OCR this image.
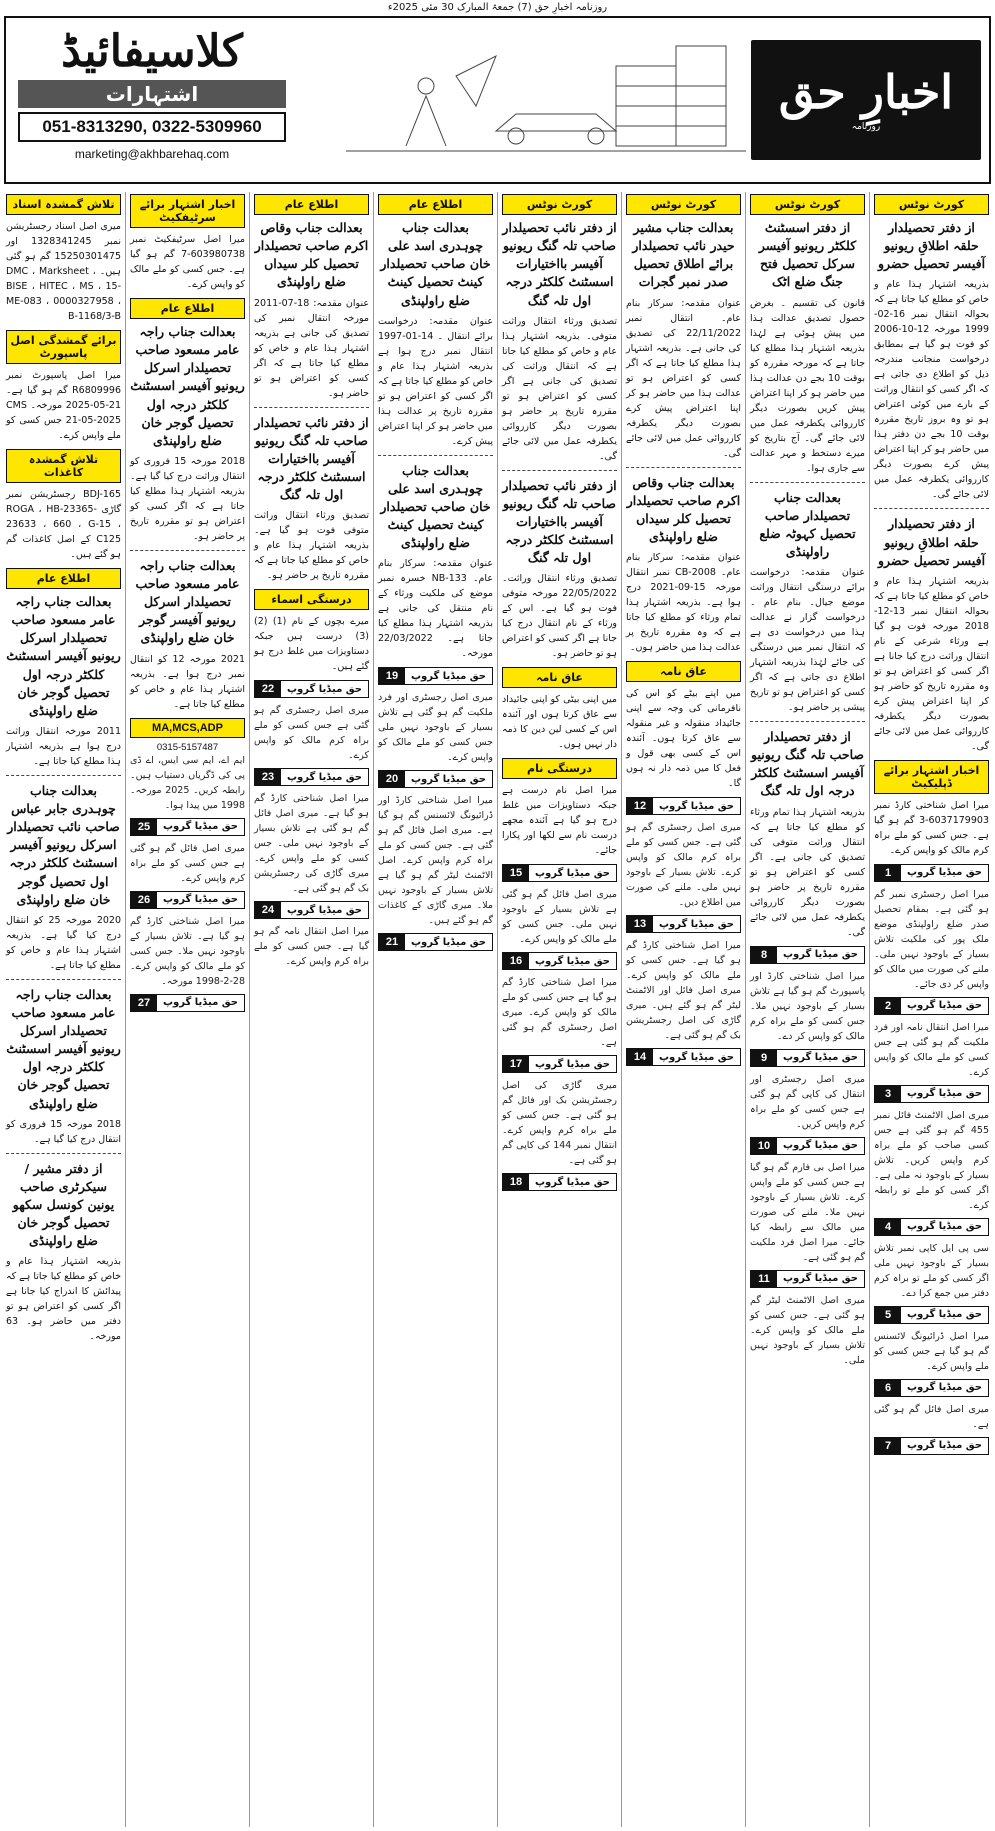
روزنامہ اخبارِ حق (7) جمعۃ المبارک 30 مئی 2025ء
کلاسیفائیڈ
اشتہارات
051-8313290, 0322-5309960
marketing@akhbarehaq.com
اخبارِ حق
روزنامہ
کورٹ نوٹس
از دفتر تحصیلدار حلقہ اطلاقِ ریونیو آفیسر تحصیل حضرو
بذریعہ اشتہار ہذا عام و خاص کو مطلع کیا جاتا ہے کہ بحوالہ انتقال نمبر 16-02-1999 مورخہ 12-10-2006 کو فوت ہو گیا ہے بمطابق درخواست منجانب مندرجہ ذیل کو اطلاع دی جاتی ہے کہ اگر کسی کو انتقال وراثت کے بارے میں کوئی اعتراض ہو تو وہ بروز تاریخ مقررہ بوقت 10 بجے دن دفتر ہذا میں حاضر ہو کر اپنا اعتراض پیش کرے بصورت دیگر کارروائی یکطرفہ عمل میں لائی جائے گی۔
از دفتر تحصیلدار حلقہ اطلاقِ ریونیو آفیسر تحصیل حضرو
بذریعہ اشتہار ہذا عام و خاص کو مطلع کیا جاتا ہے کہ بحوالہ انتقال نمبر 13-12-2018 مورخہ فوت ہو گیا ہے ورثاء شرعی کے نام انتقال وراثت درج کیا جانا ہے اگر کسی کو اعتراض ہو تو وہ مقررہ تاریخ کو حاضر ہو کر اپنا اعتراض پیش کرے بصورت دیگر یکطرفہ کارروائی عمل میں لائی جائے گی۔
اخبار اشتہار برائے ڈپلیکیٹ
میرا اصل شناختی کارڈ نمبر 6037179903-3 گم ہو گیا ہے۔ جس کسی کو ملے براہ کرم مالک کو واپس کرے۔
1	حق میڈیا گروپ
میرا اصل رجسٹری نمبر گم ہو گئی ہے۔ بمقام تحصیل صدر ضلع راولپنڈی موضع ملک پور کی ملکیت تلاش بسیار کے باوجود نہیں ملی۔ ملنے کی صورت میں مالک کو واپس کر دی جائے۔
2	حق میڈیا گروپ
میرا اصل انتقال نامہ اور فرد ملکیت گم ہو گئی ہے جس کسی کو ملے مالک کو واپس کرے۔
3	حق میڈیا گروپ
میری اصل الاٹمنٹ فائل نمبر 455 گم ہو گئی ہے جس کسی صاحب کو ملے براہ کرم واپس کریں۔ تلاش بسیار کے باوجود نہ ملی ہے۔ اگر کسی کو ملے تو رابطہ کرے۔
4	حق میڈیا گروپ
سی پی ایل کاپی نمبر تلاش بسیار کے باوجود نہیں ملی اگر کسی کو ملے تو براہ کرم دفتر میں جمع کرا دے۔
5	حق میڈیا گروپ
میرا اصل ڈرائیونگ لائسنس گم ہو گیا ہے جس کسی کو ملے واپس کرے۔
6	حق میڈیا گروپ
میری اصل فائل گم ہو گئی ہے۔
7	حق میڈیا گروپ
کورٹ نوٹس
از دفتر اسسٹنٹ کلکٹر ریونیو آفیسر سرکل تحصیل فتح جنگ ضلع اٹک
قانون کی تقسیم ۔ بغرض حصول تصدیق عدالت ہذا میں پیش ہوئی ہے لہٰذا بذریعہ اشتہار ہذا مطلع کیا جاتا ہے کہ مورخہ مقررہ کو بوقت 10 بجے دن عدالت ہذا میں حاضر ہو کر اپنا اعتراض پیش کریں بصورت دیگر کارروائی یکطرفہ عمل میں لائی جائے گی۔ آج بتاریخ کو میرے دستخط و مہر عدالت سے جاری ہوا۔
بعدالت جناب تحصیلدار صاحب تحصیل کہوٹہ ضلع راولپنڈی
عنوان مقدمہ: درخواست برائے درستگی انتقال وراثت موضع جیال۔ بنام عام ۔ درخواست گزار نے عدالت ہذا میں درخواست دی ہے کہ انتقال نمبر میں درستگی کی جائے لہٰذا بذریعہ اشتہار اطلاع دی جاتی ہے کہ اگر کسی کو اعتراض ہو تو تاریخ پیشی پر حاضر ہو۔
از دفتر تحصیلدار صاحب تلہ گنگ ریونیو آفیسر اسسٹنٹ کلکٹر درجہ اول تلہ گنگ
بذریعہ اشتہار ہذا تمام ورثاء کو مطلع کیا جاتا ہے کہ انتقال وراثت متوفی کی تصدیق کی جانی ہے۔ اگر کسی کو اعتراض ہو تو مقررہ تاریخ پر حاضر ہو بصورت دیگر کارروائی یکطرفہ عمل میں لائی جائے گی۔
8	حق میڈیا گروپ
میرا اصل شناختی کارڈ اور پاسپورٹ گم ہو گیا ہے تلاش بسیار کے باوجود نہیں ملا۔ جس کسی کو ملے براہ کرم مالک کو واپس کر دے۔
9	حق میڈیا گروپ
میری اصل رجسٹری اور انتقال کی کاپی گم ہو گئی ہے جس کسی کو ملے براہ کرم واپس کریں۔
10	حق میڈیا گروپ
میرا اصل بی فارم گم ہو گیا ہے جس کسی کو ملے واپس کرے۔ تلاش بسیار کے باوجود نہیں ملا۔ ملنے کی صورت میں مالک سے رابطہ کیا جائے۔ میرا اصل فرد ملکیت گم ہو گئی ہے۔
11	حق میڈیا گروپ
میری اصل الاٹمنٹ لیٹر گم ہو گئی ہے۔ جس کسی کو ملے مالک کو واپس کرے۔ تلاش بسیار کے باوجود نہیں ملی۔
کورٹ نوٹس
بعدالت جناب مشیر حیدر نائب تحصیلدار برائے اطلاق تحصیل صدر نمبر گجرات
عنوان مقدمہ: سرکار بنام عام۔ انتقال نمبر 22/11/2022 کی تصدیق کی جانی ہے۔ بذریعہ اشتہار ہذا مطلع کیا جاتا ہے کہ اگر کسی کو اعتراض ہو تو عدالت ہذا میں حاضر ہو کر اپنا اعتراض پیش کرے بصورت دیگر یکطرفہ کارروائی عمل میں لائی جائے گی۔
بعدالت جناب وقاص اکرم صاحب تحصیلدار تحصیل کلر سیداں ضلع راولپنڈی
عنوان مقدمہ: سرکار بنام عام۔ CB-2008 نمبر انتقال مورخہ 15-09-2021 درج ہوا ہے۔ بذریعہ اشتہار ہذا تمام ورثاء کو مطلع کیا جاتا ہے کہ وہ مقررہ تاریخ پر عدالت ہذا میں حاضر ہوں۔
عاق نامہ
میں اپنے بیٹے کو اس کی نافرمانی کی وجہ سے اپنی جائیداد منقولہ و غیر منقولہ سے عاق کرتا ہوں۔ آئندہ اس کے کسی بھی قول و فعل کا میں ذمہ دار نہ ہوں گا۔
12	حق میڈیا گروپ
میری اصل رجسٹری گم ہو گئی ہے۔ جس کسی کو ملے براہ کرم مالک کو واپس کرے۔ تلاش بسیار کے باوجود نہیں ملی۔ ملنے کی صورت میں اطلاع دیں۔
13	حق میڈیا گروپ
میرا اصل شناختی کارڈ گم ہو گیا ہے۔ جس کسی کو ملے مالک کو واپس کرے۔ میری اصل فائل اور الاٹمنٹ لیٹر گم ہو گئے ہیں۔ میری گاڑی کی اصل رجسٹریشن بک گم ہو گئی ہے۔
14	حق میڈیا گروپ
کورٹ نوٹس
از دفتر نائب تحصیلدار صاحب تلہ گنگ ریونیو آفیسر بااختیارات اسسٹنٹ کلکٹر درجہ اول تلہ گنگ
تصدیق ورثاء انتقال وراثت متوفی۔ بذریعہ اشتہار ہذا عام و خاص کو مطلع کیا جاتا ہے کہ انتقال وراثت کی تصدیق کی جانی ہے اگر کسی کو اعتراض ہو تو مقررہ تاریخ پر حاضر ہو بصورت دیگر کارروائی یکطرفہ عمل میں لائی جائے گی۔
از دفتر نائب تحصیلدار صاحب تلہ گنگ ریونیو آفیسر بااختیارات اسسٹنٹ کلکٹر درجہ اول تلہ گنگ
تصدیق ورثاء انتقال وراثت۔ 22/05/2022 مورخہ متوفی فوت ہو گیا ہے۔ اس کے ورثاء کے نام انتقال درج کیا جانا ہے اگر کسی کو اعتراض ہو تو حاضر ہو۔
عاق نامہ
میں اپنی بیٹی کو اپنی جائیداد سے عاق کرتا ہوں اور آئندہ اس کے کسی لین دین کا ذمہ دار نہیں ہوں۔
درستگی نام
میرا اصل نام درست ہے جبکہ دستاویزات میں غلط درج ہو گیا ہے آئندہ مجھے درست نام سے لکھا اور پکارا جائے۔
15	حق میڈیا گروپ
میری اصل فائل گم ہو گئی ہے تلاش بسیار کے باوجود نہیں ملی۔ جس کسی کو ملے مالک کو واپس کرے۔
16	حق میڈیا گروپ
میرا اصل شناختی کارڈ گم ہو گیا ہے جس کسی کو ملے مالک کو واپس کرے۔ میری اصل رجسٹری گم ہو گئی ہے۔
17	حق میڈیا گروپ
میری گاڑی کی اصل رجسٹریشن بک اور فائل گم ہو گئی ہے۔ جس کسی کو ملے براہ کرم واپس کرے۔ انتقال نمبر 144 کی کاپی گم ہو گئی ہے۔
18	حق میڈیا گروپ
اطلاع عام
بعدالت جناب چوہدری اسد علی خان صاحب تحصیلدار کینٹ تحصیل کینٹ ضلع راولپنڈی
عنوان مقدمہ: درخواست برائے انتقال ۔ 14-01-1997 انتقال نمبر درج ہوا ہے بذریعہ اشتہار ہذا عام و خاص کو مطلع کیا جاتا ہے کہ اگر کسی کو اعتراض ہو تو مقررہ تاریخ پر عدالت ہذا میں حاضر ہو کر اپنا اعتراض پیش کرے۔
بعدالت جناب چوہدری اسد علی خان صاحب تحصیلدار کینٹ تحصیل کینٹ ضلع راولپنڈی
عنوان مقدمہ: سرکار بنام عام۔ NB-133 خسرہ نمبر موضع کی ملکیت ورثاء کے نام منتقل کی جانی ہے بذریعہ اشتہار ہذا مطلع کیا جاتا ہے۔ 22/03/2022 مورخہ۔
19	حق میڈیا گروپ
میری اصل رجسٹری اور فرد ملکیت گم ہو گئی ہے تلاش بسیار کے باوجود نہیں ملی جس کسی کو ملے مالک کو واپس کرے۔
20	حق میڈیا گروپ
میرا اصل شناختی کارڈ اور ڈرائیونگ لائسنس گم ہو گیا ہے۔ میری اصل فائل گم ہو گئی ہے۔ جس کسی کو ملے براہ کرم واپس کرے۔ اصل الاٹمنٹ لیٹر گم ہو گیا ہے تلاش بسیار کے باوجود نہیں ملا۔ میری گاڑی کے کاغذات گم ہو گئے ہیں۔
21	حق میڈیا گروپ
اطلاع عام
بعدالت جناب وقاص اکرم صاحب تحصیلدار تحصیل کلر سیداں ضلع راولپنڈی
عنوان مقدمہ: 18-07-2011 مورخہ انتقال نمبر کی تصدیق کی جانی ہے بذریعہ اشتہار ہذا عام و خاص کو مطلع کیا جاتا ہے کہ اگر کسی کو اعتراض ہو تو حاضر ہو۔
از دفتر نائب تحصیلدار صاحب تلہ گنگ ریونیو آفیسر بااختیارات اسسٹنٹ کلکٹر درجہ اول تلہ گنگ
تصدیق ورثاء انتقال وراثت متوفی فوت ہو گیا ہے۔ بذریعہ اشتہار ہذا عام و خاص کو مطلع کیا جاتا ہے کہ مقررہ تاریخ پر حاضر ہو۔
درستگی اسماء
میرے بچوں کے نام (1) (2) (3) درست ہیں جبکہ دستاویزات میں غلط درج ہو گئے ہیں۔
22	حق میڈیا گروپ
میری اصل رجسٹری گم ہو گئی ہے جس کسی کو ملے براہ کرم مالک کو واپس کرے۔
23	حق میڈیا گروپ
میرا اصل شناختی کارڈ گم ہو گیا ہے۔ میری اصل فائل گم ہو گئی ہے تلاش بسیار کے باوجود نہیں ملی۔ جس کسی کو ملے واپس کرے۔ میری گاڑی کی رجسٹریشن بک گم ہو گئی ہے۔
24	حق میڈیا گروپ
میرا اصل انتقال نامہ گم ہو گیا ہے۔ جس کسی کو ملے براہ کرم واپس کرے۔
اخبار اشتہار برائے سرٹیفکیٹ
میرا اصل سرٹیفکیٹ نمبر 603980738-7 گم ہو گیا ہے۔ جس کسی کو ملے مالک کو واپس کرے۔
اطلاع عام
بعدالت جناب راجہ عامر مسعود صاحب تحصیلدار اسرکل ریونیو آفیسر اسسٹنٹ کلکٹر درجہ اول تحصیل گوجر خان ضلع راولپنڈی
2018 مورخہ 15 فروری کو انتقال وراثت درج کیا گیا ہے۔ بذریعہ اشتہار ہذا مطلع کیا جاتا ہے کہ اگر کسی کو اعتراض ہو تو مقررہ تاریخ پر حاضر ہو۔
بعدالت جناب راجہ عامر مسعود صاحب تحصیلدار اسرکل ریونیو آفیسر گوجر خان ضلع راولپنڈی
2021 مورخہ 12 کو انتقال نمبر درج ہوا ہے۔ بذریعہ اشتہار ہذا عام و خاص کو مطلع کیا جاتا ہے۔
MA,MCS,ADP
0315-5157487
ایم اے، ایم سی ایس، اے ڈی پی کی ڈگریاں دستیاب ہیں۔ رابطہ کریں۔ 2025 مورخہ۔ 1998 میں پیدا ہوا۔
25	حق میڈیا گروپ
میری اصل فائل گم ہو گئی ہے جس کسی کو ملے براہ کرم واپس کرے۔
26	حق میڈیا گروپ
میرا اصل شناختی کارڈ گم ہو گیا ہے۔ تلاش بسیار کے باوجود نہیں ملا۔ جس کسی کو ملے مالک کو واپس کرے۔ 28-2-1998 مورخہ۔
27	حق میڈیا گروپ
تلاش گمشدہ اسناد
میری اصل اسناد رجسٹریشن نمبر 1328341245 اور 15250301475 گم ہو گئی ہیں۔ DMC ، Marksheet ، BISE ، HITEC ، MS ، 15-ME-083 ، 0000327958 ، B-1168/3-B
برائے گمشدگی اصل پاسپورٹ
میرا اصل پاسپورٹ نمبر R6809996 گم ہو گیا ہے۔ 21-05-2025 مورخہ۔ CMS 21-05-2025 جس کسی کو ملے واپس کرے۔
تلاش گمشدہ کاغذات
BDJ-165 رجسٹریشن نمبر گاڑی ROGA ، HB-23365-23633 ، 660 ، G-15 ، C125 کے اصل کاغذات گم ہو گئے ہیں۔
اطلاع عام
بعدالت جناب راجہ عامر مسعود صاحب تحصیلدار اسرکل ریونیو آفیسر اسسٹنٹ کلکٹر درجہ اول تحصیل گوجر خان ضلع راولپنڈی
2011 مورخہ انتقال وراثت درج ہوا ہے بذریعہ اشتہار ہذا مطلع کیا جاتا ہے۔
بعدالت جناب چوہدری جابر عباس صاحب نائب تحصیلدار اسرکل ریونیو آفیسر اسسٹنٹ کلکٹر درجہ اول تحصیل گوجر خان ضلع راولپنڈی
2020 مورخہ 25 کو انتقال درج کیا گیا ہے۔ بذریعہ اشتہار ہذا عام و خاص کو مطلع کیا جاتا ہے۔
بعدالت جناب راجہ عامر مسعود صاحب تحصیلدار اسرکل ریونیو آفیسر اسسٹنٹ کلکٹر درجہ اول تحصیل گوجر خان ضلع راولپنڈی
2018 مورخہ 15 فروری کو انتقال درج کیا گیا ہے۔
از دفتر مشیر / سیکرٹری صاحب یونین کونسل سکھو تحصیل گوجر خان ضلع راولپنڈی
بذریعہ اشتہار ہذا عام و خاص کو مطلع کیا جاتا ہے کہ پیدائش کا اندراج کیا جانا ہے اگر کسی کو اعتراض ہو تو دفتر میں حاضر ہو۔ 63 مورخہ۔
